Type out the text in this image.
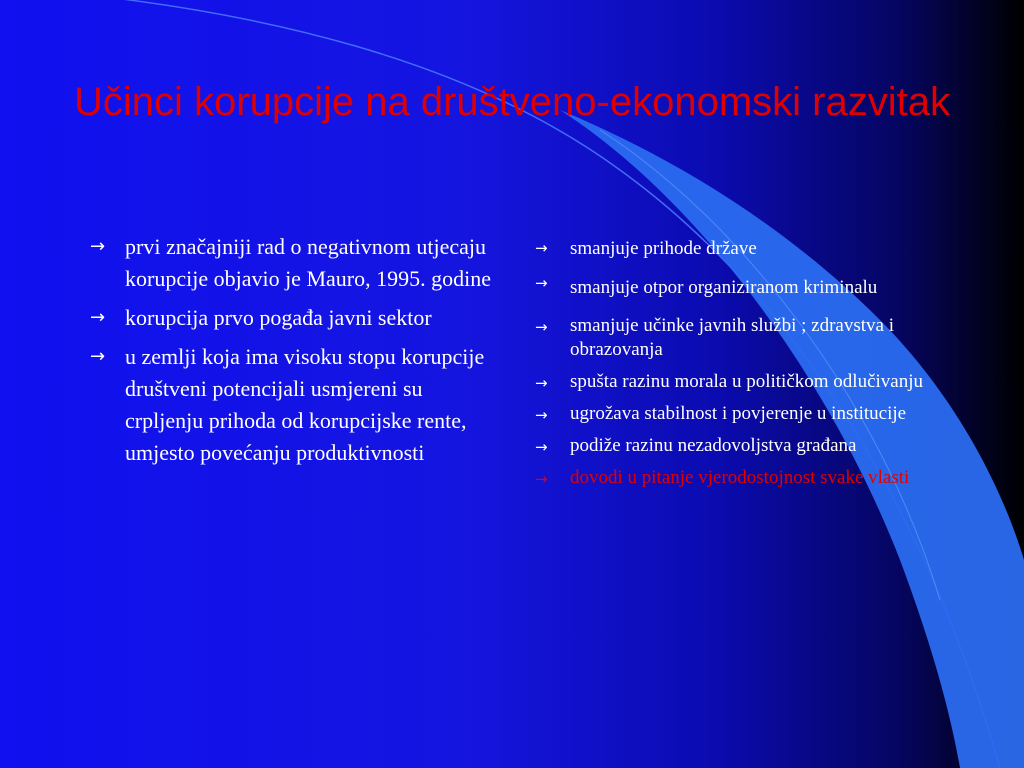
Učinci korupcije na društveno-ekonomski razvitak
→ prvi značajniji rad o negativnom utjecaju korupcije objavio je Mauro, 1995. godine
→ korupcija prvo pogađa javni sektor
→ u zemlji koja ima visoku stopu korupcije društveni potencijali usmjereni su crpljenju prihoda od korupcijske rente, umjesto povećanju produktivnosti
→ smanjuje prihode države
→ smanjuje otpor organiziranom kriminalu
→ smanjuje učinke javnih službi ; zdravstva i obrazovanja
→ spušta razinu morala u političkom odlučivanju
→ ugrožava stabilnost i povjerenje u institucije
→ podiže razinu nezadovoljstva građana
→ dovodi u pitanje vjerodostojnost svake vlasti
